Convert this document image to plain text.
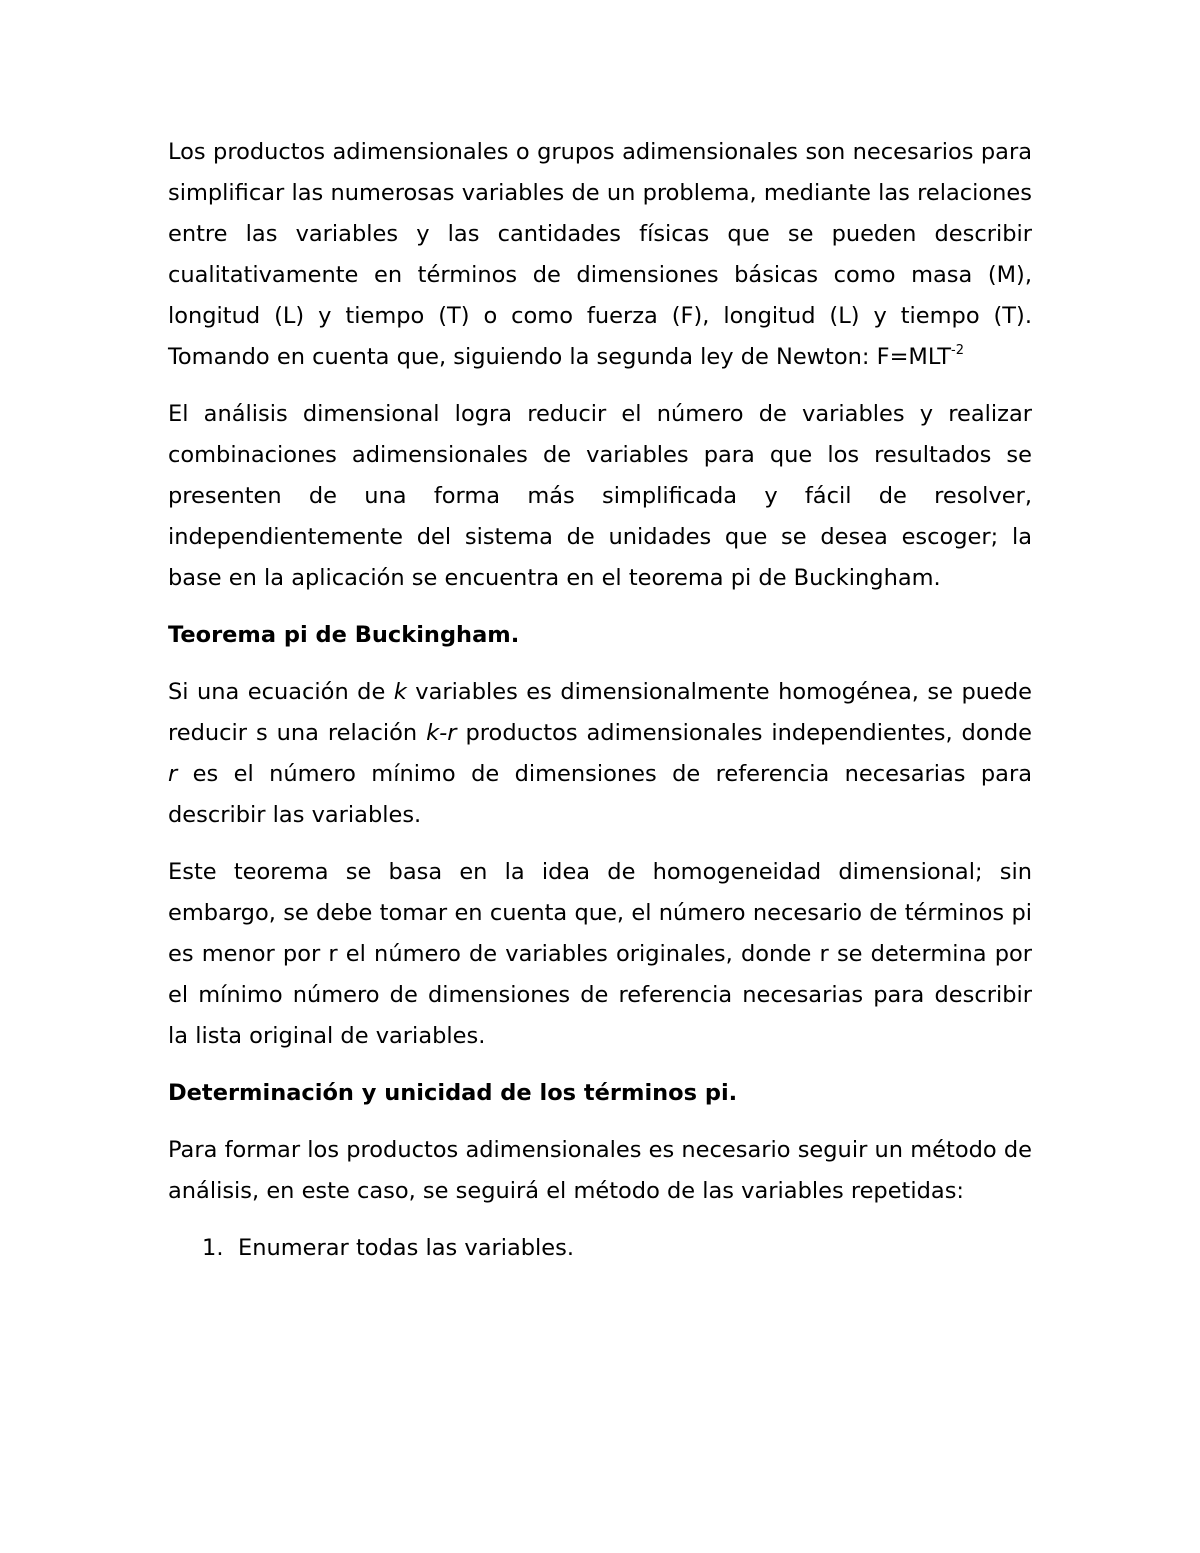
Los productos adimensionales o grupos adimensionales son necesarios para simplificar las numerosas variables de un problema, mediante las relaciones entre las variables y las cantidades físicas que se pueden describir cualitativamente en términos de dimensiones básicas como masa (M), longitud (L) y tiempo (T) o como fuerza (F), longitud (L) y tiempo (T). Tomando en cuenta que, siguiendo la segunda ley de Newton: $F=MLT^{-2}$

El análisis dimensional logra reducir el número de variables y realizar combinaciones adimensionales de variables para que los resultados se presenten de una forma más simplificada y fácil de resolver, independientemente del sistema de unidades que se desea escoger; la base en la aplicación se encuentra en el teorema pi de Buckingham.

Teorema pi de Buckingham.

Si una ecuación de k variables es dimensionalmente homogénea, se puede reducir s una relación k-r productos adimensionales independientes, donde r es el número mínimo de dimensiones de referencia necesarias para describir las variables.

Este teorema se basa en la idea de homogeneidad dimensional; sin embargo, se debe tomar en cuenta que, el número necesario de términos pi es menor por r el número de variables originales, donde r se determina por el mínimo número de dimensiones de referencia necesarias para describir la lista original de variables.

Determinación y unicidad de los términos pi.

Para formar los productos adimensionales es necesario seguir un método de análisis, en este caso, se seguirá el método de las variables repetidas:

1. Enumerar todas las variables.
